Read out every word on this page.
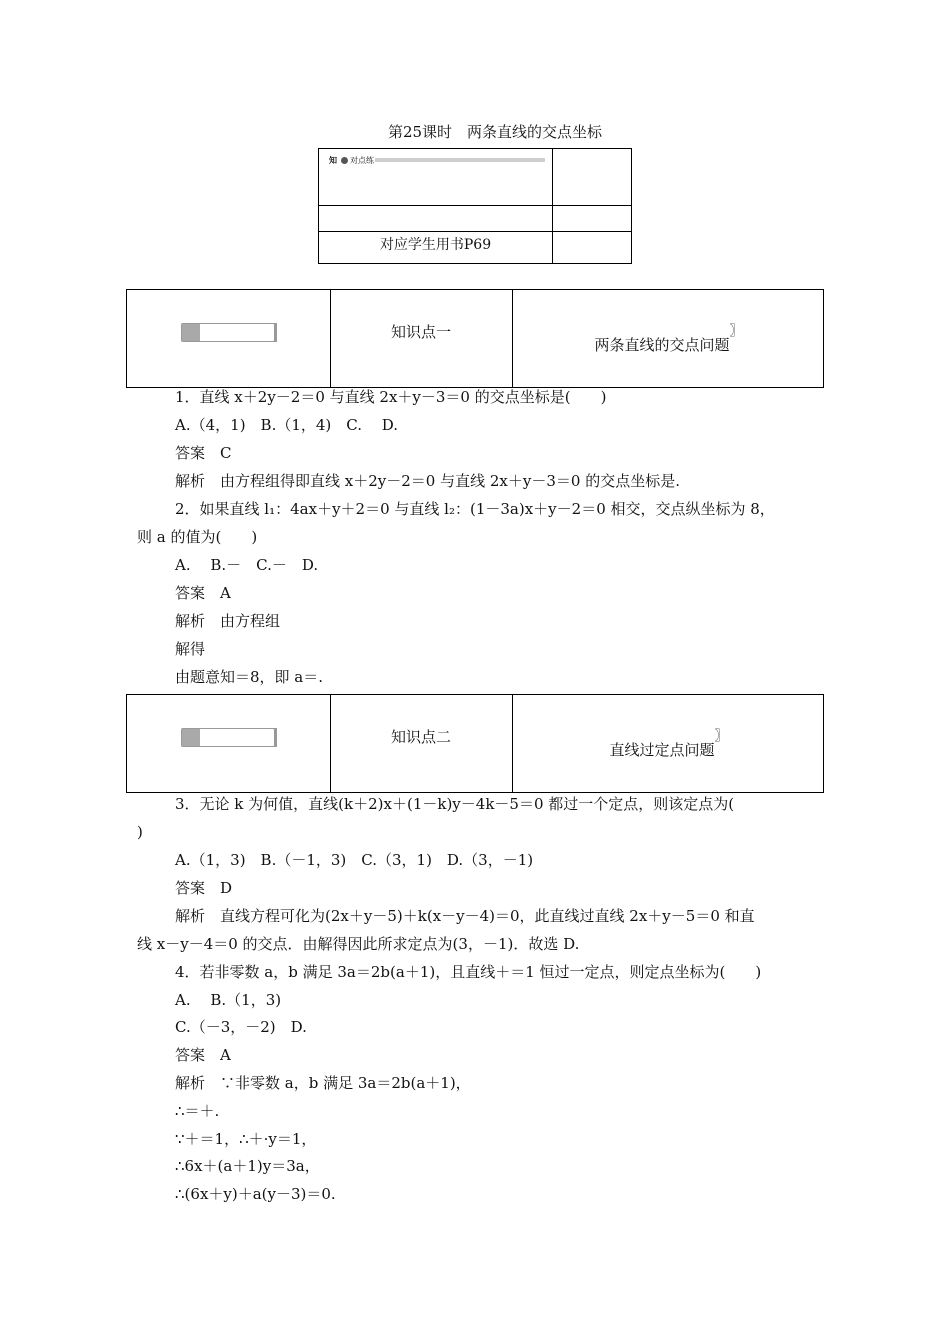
第25课时　两条直线的交点坐标
知 对点练
对应学生用书P69
知识点一
两条直线的交点问题〗
1．直线 x＋2y－2＝0 与直线 2x＋y－3＝0 的交点坐标是(　　)
A.（4，1)　B.（1，4)　C.　 D.
答案　C
解析　由方程组得即直线 x＋2y－2＝0 与直线 2x＋y－3＝0 的交点坐标是.
2．如果直线 l₁：4ax＋y＋2＝0 与直线 l₂：(1－3a)x＋y－2＝0 相交，交点纵坐标为 8，
则 a 的值为(　　)
A.　 B.－　C.－　D.
答案　A
解析　由方程组
解得
由题意知＝8，即 a＝.
知识点二
直线过定点问题〗
3．无论 k 为何值，直线(k＋2)x＋(1－k)y－4k－5＝0 都过一个定点，则该定点为(
)
A.（1，3)　B.（－1，3)　C.（3，1)　D.（3，－1)
答案　D
解析　直线方程可化为(2x＋y－5)＋k(x－y－4)＝0，此直线过直线 2x＋y－5＝0 和直
线 x－y－4＝0 的交点．由解得因此所求定点为(3，－1)．故选 D.
4．若非零数 a，b 满足 3a＝2b(a＋1)，且直线＋＝1 恒过一定点，则定点坐标为(　　)
A.　 B.（1，3)
C.（－3，－2)　D.
答案　A
解析　∵非零数 a，b 满足 3a＝2b(a＋1)，
∴＝＋.
∵＋＝1，∴＋·y＝1，
∴6x＋(a＋1)y＝3a，
∴(6x＋y)＋a(y－3)＝0.
